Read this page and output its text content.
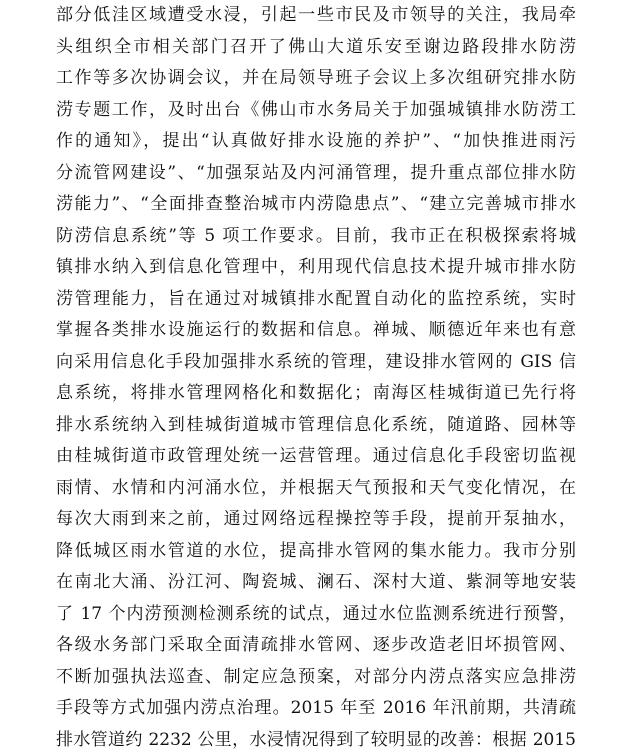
部分低洼区域遭受水浸，引起一些市民及市领导的关注，我局牵
头组织全市相关部门召开了佛山大道乐安至谢边路段排水防涝
工作等多次协调会议，并在局领导班子会议上多次组研究排水防
涝专题工作，及时出台《佛山市水务局关于加强城镇排水防涝工
作的通知》，提出“认真做好排水设施的养护”、“加快推进雨污
分流管网建设”、“加强泵站及内河涌管理，提升重点部位排水防
涝能力”、“全面排查整治城市内涝隐患点”、“建立完善城市排水
防涝信息系统”等 5 项工作要求。目前，我市正在积极探索将城
镇排水纳入到信息化管理中，利用现代信息技术提升城市排水防
涝管理能力，旨在通过对城镇排水配置自动化的监控系统，实时
掌握各类排水设施运行的数据和信息。禅城、顺德近年来也有意
向采用信息化手段加强排水系统的管理，建设排水管网的 GIS 信
息系统，将排水管理网格化和数据化；南海区桂城街道已先行将
排水系统纳入到桂城街道城市管理信息化系统，随道路、园林等
由桂城街道市政管理处统一运营管理。通过信息化手段密切监视
雨情、水情和内河涌水位，并根据天气预报和天气变化情况，在
每次大雨到来之前，通过网络远程操控等手段，提前开泵抽水，
降低城区雨水管道的水位，提高排水管网的集水能力。我市分别
在南北大涌、汾江河、陶瓷城、澜石、深村大道、紫洞等地安装
了 17 个内涝预测检测系统的试点，通过水位监测系统进行预警，
各级水务部门采取全面清疏排水管网、逐步改造老旧坏损管网、
不断加强执法巡查、制定应急预案，对部分内涝点落实应急排涝
手段等方式加强内涝点治理。2015 年至 2016 年汛前期，共清疏
排水管道约 2232 公里，水浸情况得到了较明显的改善：根据 2015
